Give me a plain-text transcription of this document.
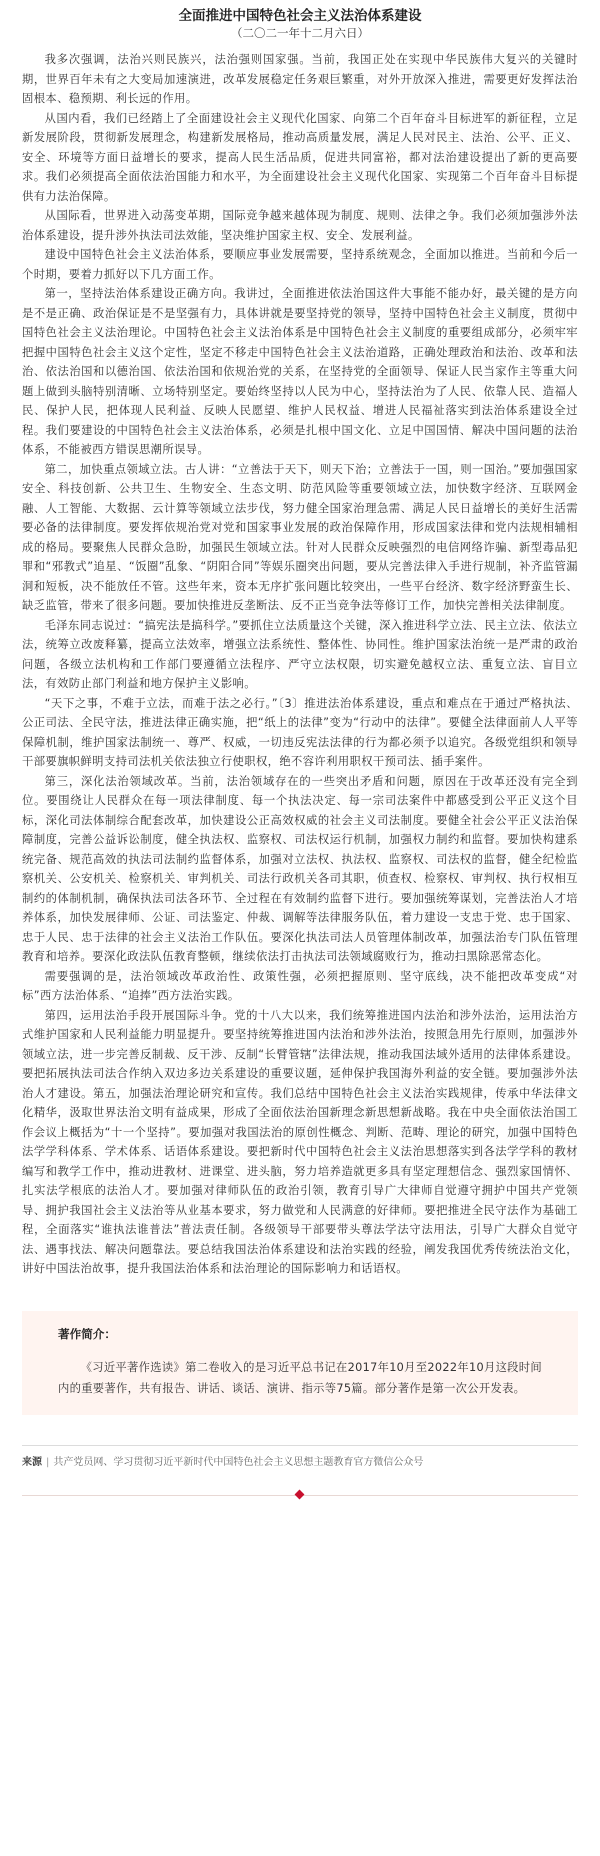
全面推进中国特色社会主义法治体系建设
（二〇二一年十二月六日）

我多次强调，法治兴则民族兴，法治强则国家强。当前，我国正处在实现中华民族伟大复兴的关键时期，世界百年未有之大变局加速演进，改革发展稳定任务艰巨繁重，对外开放深入推进，需要更好发挥法治固根本、稳预期、利长远的作用。

从国内看，我们已经踏上了全面建设社会主义现代化国家、向第二个百年奋斗目标进军的新征程，立足新发展阶段，贯彻新发展理念，构建新发展格局，推动高质量发展，满足人民对民主、法治、公平、正义、安全、环境等方面日益增长的要求，提高人民生活品质，促进共同富裕，都对法治建设提出了新的更高要求。我们必须提高全面依法治国能力和水平，为全面建设社会主义现代化国家、实现第二个百年奋斗目标提供有力法治保障。

从国际看，世界进入动荡变革期，国际竞争越来越体现为制度、规则、法律之争。我们必须加强涉外法治体系建设，提升涉外执法司法效能，坚决维护国家主权、安全、发展利益。

建设中国特色社会主义法治体系，要顺应事业发展需要，坚持系统观念，全面加以推进。当前和今后一个时期，要着力抓好以下几方面工作。

第一，坚持法治体系建设正确方向。我讲过，全面推进依法治国这件大事能不能办好，最关键的是方向是不是正确、政治保证是不是坚强有力，具体讲就是要坚持党的领导，坚持中国特色社会主义制度，贯彻中国特色社会主义法治理论。中国特色社会主义法治体系是中国特色社会主义制度的重要组成部分，必须牢牢把握中国特色社会主义这个定性，坚定不移走中国特色社会主义法治道路，正确处理政治和法治、改革和法治、依法治国和以德治国、依法治国和依规治党的关系，在坚持党的全面领导、保证人民当家作主等重大问题上做到头脑特别清晰、立场特别坚定。要始终坚持以人民为中心，坚持法治为了人民、依靠人民、造福人民、保护人民，把体现人民利益、反映人民愿望、维护人民权益、增进人民福祉落实到法治体系建设全过程。我们要建设的中国特色社会主义法治体系，必须是扎根中国文化、立足中国国情、解决中国问题的法治体系，不能被西方错误思潮所误导。

第二，加快重点领域立法。古人讲：“立善法于天下，则天下治；立善法于一国，则一国治。”要加强国家安全、科技创新、公共卫生、生物安全、生态文明、防范风险等重要领域立法，加快数字经济、互联网金融、人工智能、大数据、云计算等领域立法步伐，努力健全国家治理急需、满足人民日益增长的美好生活需要必备的法律制度。要发挥依规治党对党和国家事业发展的政治保障作用，形成国家法律和党内法规相辅相成的格局。要聚焦人民群众急盼，加强民生领域立法。针对人民群众反映强烈的电信网络诈骗、新型毒品犯罪和“邪教式”追星、“饭圈”乱象、“阴阳合同”等娱乐圈突出问题，要从完善法律入手进行规制，补齐监管漏洞和短板，决不能放任不管。这些年来，资本无序扩张问题比较突出，一些平台经济、数字经济野蛮生长、缺乏监管，带来了很多问题。要加快推进反垄断法、反不正当竞争法等修订工作，加快完善相关法律制度。

毛泽东同志说过：“搞宪法是搞科学。”要抓住立法质量这个关键，深入推进科学立法、民主立法、依法立法，统筹立改废释纂，提高立法效率，增强立法系统性、整体性、协同性。维护国家法治统一是严肃的政治问题，各级立法机构和工作部门要遵循立法程序、严守立法权限，切实避免越权立法、重复立法、盲目立法，有效防止部门利益和地方保护主义影响。

“天下之事，不难于立法，而难于法之必行。”〔3〕推进法治体系建设，重点和难点在于通过严格执法、公正司法、全民守法，推进法律正确实施，把“纸上的法律”变为“行动中的法律”。要健全法律面前人人平等保障机制，维护国家法制统一、尊严、权威，一切违反宪法法律的行为都必须予以追究。各级党组织和领导干部要旗帜鲜明支持司法机关依法独立行使职权，绝不容许利用职权干预司法、插手案件。

第三，深化法治领域改革。当前，法治领域存在的一些突出矛盾和问题，原因在于改革还没有完全到位。要围绕让人民群众在每一项法律制度、每一个执法决定、每一宗司法案件中都感受到公平正义这个目标，深化司法体制综合配套改革，加快建设公正高效权威的社会主义司法制度。要健全社会公平正义法治保障制度，完善公益诉讼制度，健全执法权、监察权、司法权运行机制，加强权力制约和监督。要加快构建系统完备、规范高效的执法司法制约监督体系，加强对立法权、执法权、监察权、司法权的监督，健全纪检监察机关、公安机关、检察机关、审判机关、司法行政机关各司其职，侦查权、检察权、审判权、执行权相互制约的体制机制，确保执法司法各环节、全过程在有效制约监督下进行。要加强统筹谋划，完善法治人才培养体系，加快发展律师、公证、司法鉴定、仲裁、调解等法律服务队伍，着力建设一支忠于党、忠于国家、忠于人民、忠于法律的社会主义法治工作队伍。要深化执法司法人员管理体制改革，加强法治专门队伍管理教育和培养。要深化政法队伍教育整顿，继续依法打击执法司法领域腐败行为，推动扫黑除恶常态化。

需要强调的是，法治领域改革政治性、政策性强，必须把握原则、坚守底线，决不能把改革变成“对标”西方法治体系、“追捧”西方法治实践。

第四，运用法治手段开展国际斗争。党的十八大以来，我们统筹推进国内法治和涉外法治，运用法治方式维护国家和人民利益能力明显提升。要坚持统筹推进国内法治和涉外法治，按照急用先行原则，加强涉外领域立法，进一步完善反制裁、反干涉、反制“长臂管辖”法律法规，推动我国法域外适用的法律体系建设。要把拓展执法司法合作纳入双边多边关系建设的重要议题，延伸保护我国海外利益的安全链。要加强涉外法治人才建设。第五，加强法治理论研究和宣传。我们总结中国特色社会主义法治实践规律，传承中华法律文化精华，汲取世界法治文明有益成果，形成了全面依法治国新理念新思想新战略。我在中央全面依法治国工作会议上概括为“十一个坚持”。要加强对我国法治的原创性概念、判断、范畴、理论的研究，加强中国特色法学学科体系、学术体系、话语体系建设。要把新时代中国特色社会主义法治思想落实到各法学学科的教材编写和教学工作中，推动进教材、进课堂、进头脑，努力培养造就更多具有坚定理想信念、强烈家国情怀、扎实法学根底的法治人才。要加强对律师队伍的政治引领，教育引导广大律师自觉遵守拥护中国共产党领导、拥护我国社会主义法治等从业基本要求，努力做党和人民满意的好律师。要把推进全民守法作为基础工程，全面落实“谁执法谁普法”普法责任制。各级领导干部要带头尊法学法守法用法，引导广大群众自觉守法、遇事找法、解决问题靠法。要总结我国法治体系建设和法治实践的经验，阐发我国优秀传统法治文化，讲好中国法治故事，提升我国法治体系和法治理论的国际影响力和话语权。

著作简介：

《习近平著作选读》第二卷收入的是习近平总书记在2017年10月至2022年10月这段时间内的重要著作，共有报告、讲话、谈话、演讲、指示等75篇。部分著作是第一次公开发表。

来源 | 共产党员网、学习贯彻习近平新时代中国特色社会主义思想主题教育官方微信公众号
